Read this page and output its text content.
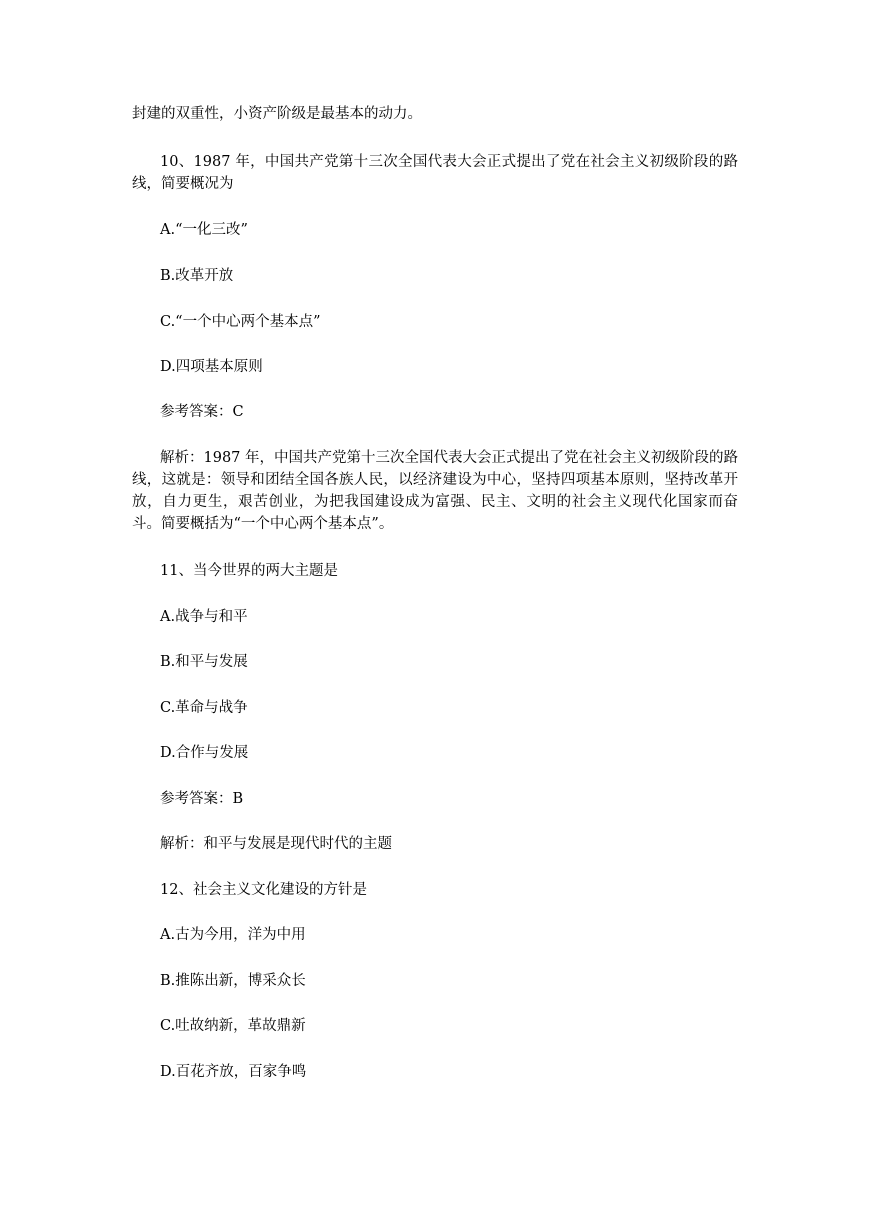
封建的双重性，小资产阶级是最基本的动力。
10、1987 年，中国共产党第十三次全国代表大会正式提出了党在社会主义初级阶段的路线，简要概况为
A.“一化三改”
B.改革开放
C.“一个中心两个基本点”
D.四项基本原则
参考答案：C
解析：1987 年，中国共产党第十三次全国代表大会正式提出了党在社会主义初级阶段的路线，这就是：领导和团结全国各族人民，以经济建设为中心，坚持四项基本原则，坚持改革开放，自力更生，艰苦创业，为把我国建设成为富强、民主、文明的社会主义现代化国家而奋斗。简要概括为“一个中心两个基本点”。
11、当今世界的两大主题是
A.战争与和平
B.和平与发展
C.革命与战争
D.合作与发展
参考答案：B
解析：和平与发展是现代时代的主题
12、社会主义文化建设的方针是
A.古为今用，洋为中用
B.推陈出新，博采众长
C.吐故纳新，革故鼎新
D.百花齐放，百家争鸣
